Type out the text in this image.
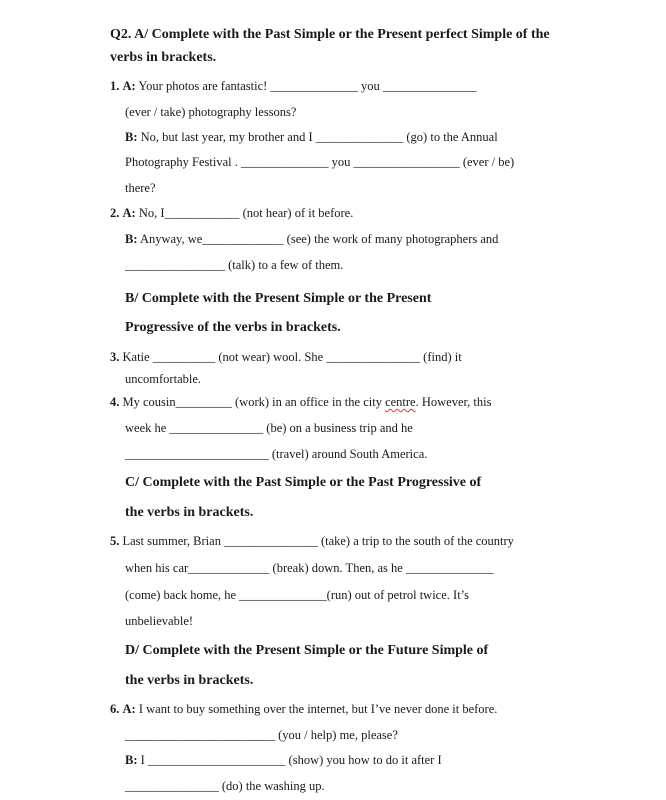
Q2. A/ Complete with the Past Simple or the Present perfect Simple of the
verbs in brackets.
1. A: Your photos are fantastic! ______________ you _______________
(ever / take) photography lessons?
B: No, but last year, my brother and I ______________ (go) to the Annual
Photography Festival . ______________ you _________________ (ever / be)
there?
2. A: No, I____________ (not hear) of it before.
B: Anyway, we_____________ (see) the work of many photographers and
________________ (talk) to a few of them.
B/ Complete with the Present Simple or the Present
Progressive of the verbs in brackets.
3. Katie __________ (not wear) wool. She _______________ (find) it
uncomfortable.
4. My cousin_________ (work) in an office in the city centre. However, this
week he _______________ (be) on a business trip and he
_______________________ (travel) around South America.
C/ Complete with the Past Simple or the Past Progressive of
the verbs in brackets.
5. Last summer, Brian _______________ (take) a trip to the south of the country
when his car_____________ (break) down. Then, as he ______________
(come) back home, he ______________(run) out of petrol twice. It’s
unbelievable!
D/ Complete with the Present Simple or the Future Simple of
the verbs in brackets.
6. A: I want to buy something over the internet, but I’ve never done it before.
________________________ (you / help) me, please?
B: I ______________________ (show) you how to do it after I
_______________ (do) the washing up.
